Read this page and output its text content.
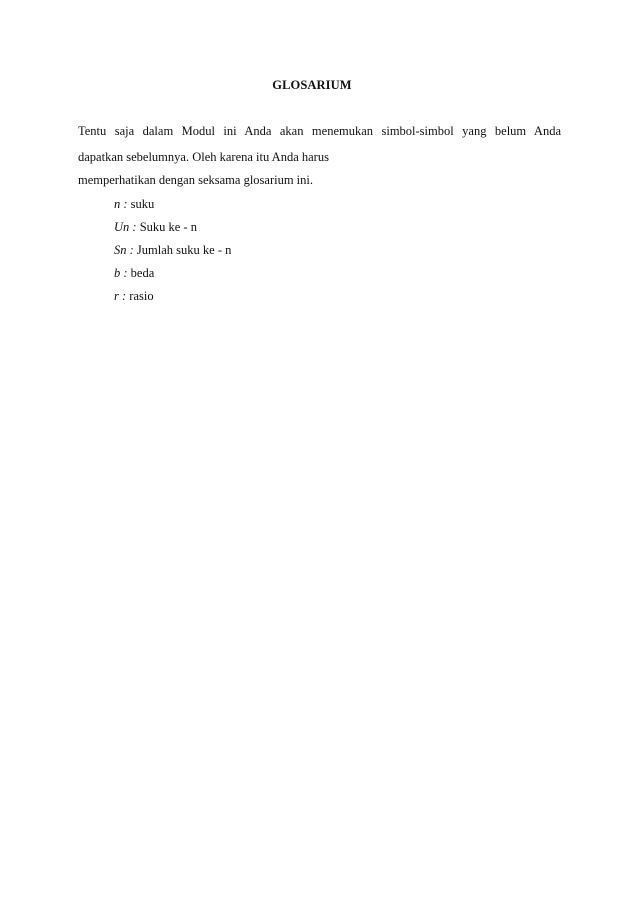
GLOSARIUM
Tentu saja dalam Modul ini Anda akan menemukan simbol-simbol yang belum Anda
dapatkan sebelumnya. Oleh karena itu Anda harus
memperhatikan dengan seksama glosarium ini.
n : suku
Un : Suku ke - n
Sn : Jumlah suku ke - n
b : beda
r : rasio
